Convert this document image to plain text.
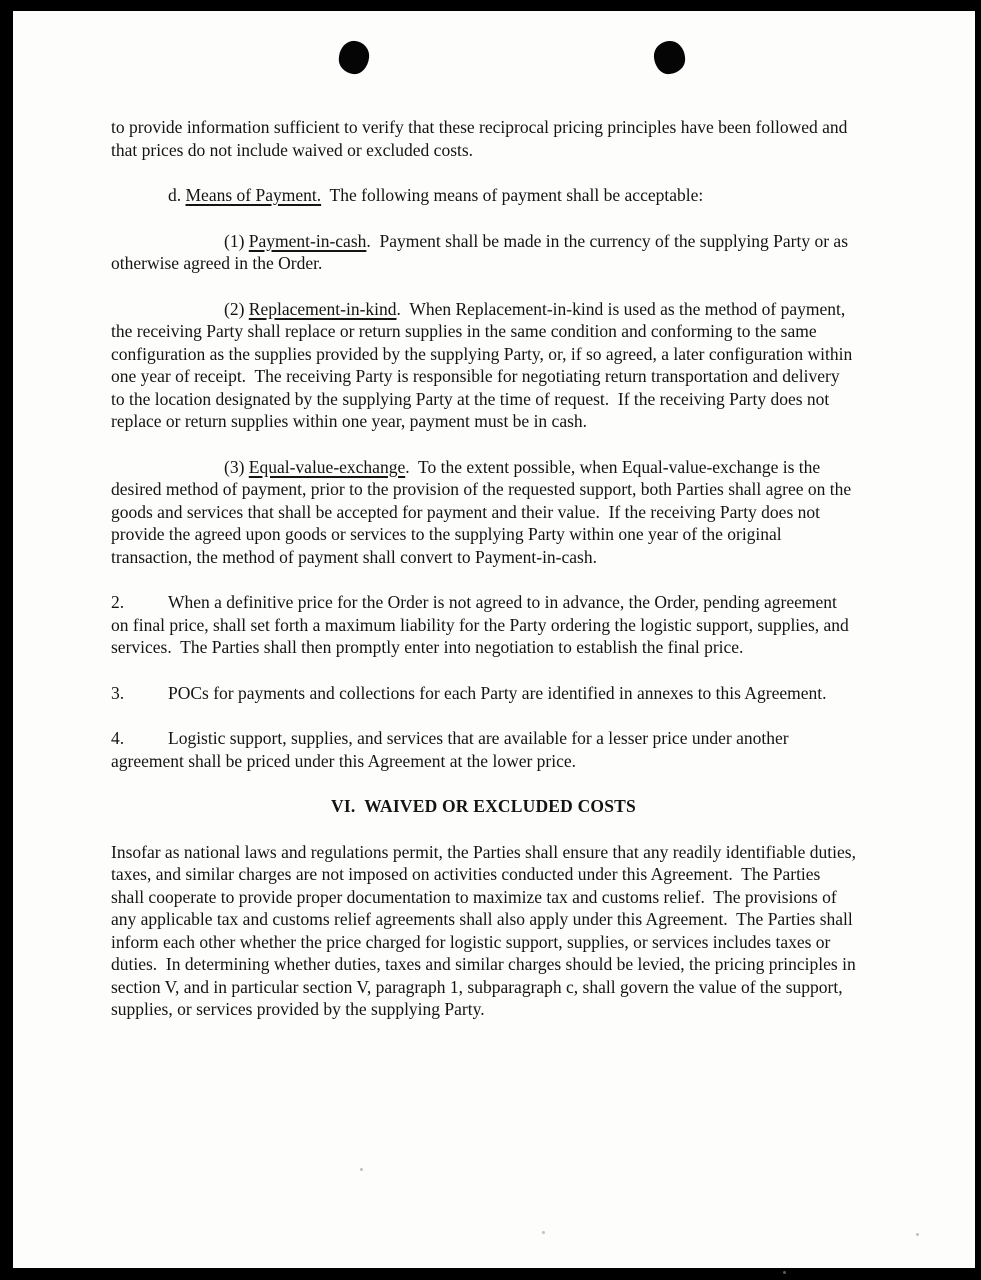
to provide information sufficient to verify that these reciprocal pricing principles have been followed and that prices do not include waived or excluded costs.

d. Means of Payment.  The following means of payment shall be acceptable:

(1) Payment-in-cash.  Payment shall be made in the currency of the supplying Party or as otherwise agreed in the Order.

(2) Replacement-in-kind.  When Replacement-in-kind is used as the method of payment, the receiving Party shall replace or return supplies in the same condition and conforming to the same configuration as the supplies provided by the supplying Party, or, if so agreed, a later configuration within one year of receipt.  The receiving Party is responsible for negotiating return transportation and delivery to the location designated by the supplying Party at the time of request.  If the receiving Party does not replace or return supplies within one year, payment must be in cash.

(3) Equal-value-exchange.  To the extent possible, when Equal-value-exchange is the desired method of payment, prior to the provision of the requested support, both Parties shall agree on the goods and services that shall be accepted for payment and their value.  If the receiving Party does not provide the agreed upon goods or services to the supplying Party within one year of the original transaction, the method of payment shall convert to Payment-in-cash.

2.	When a definitive price for the Order is not agreed to in advance, the Order, pending agreement on final price, shall set forth a maximum liability for the Party ordering the logistic support, supplies, and services.  The Parties shall then promptly enter into negotiation to establish the final price.

3.	POCs for payments and collections for each Party are identified in annexes to this Agreement.

4.	Logistic support, supplies, and services that are available for a lesser price under another agreement shall be priced under this Agreement at the lower price.

VI.  WAIVED OR EXCLUDED COSTS

Insofar as national laws and regulations permit, the Parties shall ensure that any readily identifiable duties, taxes, and similar charges are not imposed on activities conducted under this Agreement.  The Parties shall cooperate to provide proper documentation to maximize tax and customs relief.  The provisions of any applicable tax and customs relief agreements shall also apply under this Agreement.  The Parties shall inform each other whether the price charged for logistic support, supplies, or services includes taxes or duties.  In determining whether duties, taxes and similar charges should be levied, the pricing principles in section V, and in particular section V, paragraph 1, subparagraph c, shall govern the value of the support, supplies, or services provided by the supplying Party.
